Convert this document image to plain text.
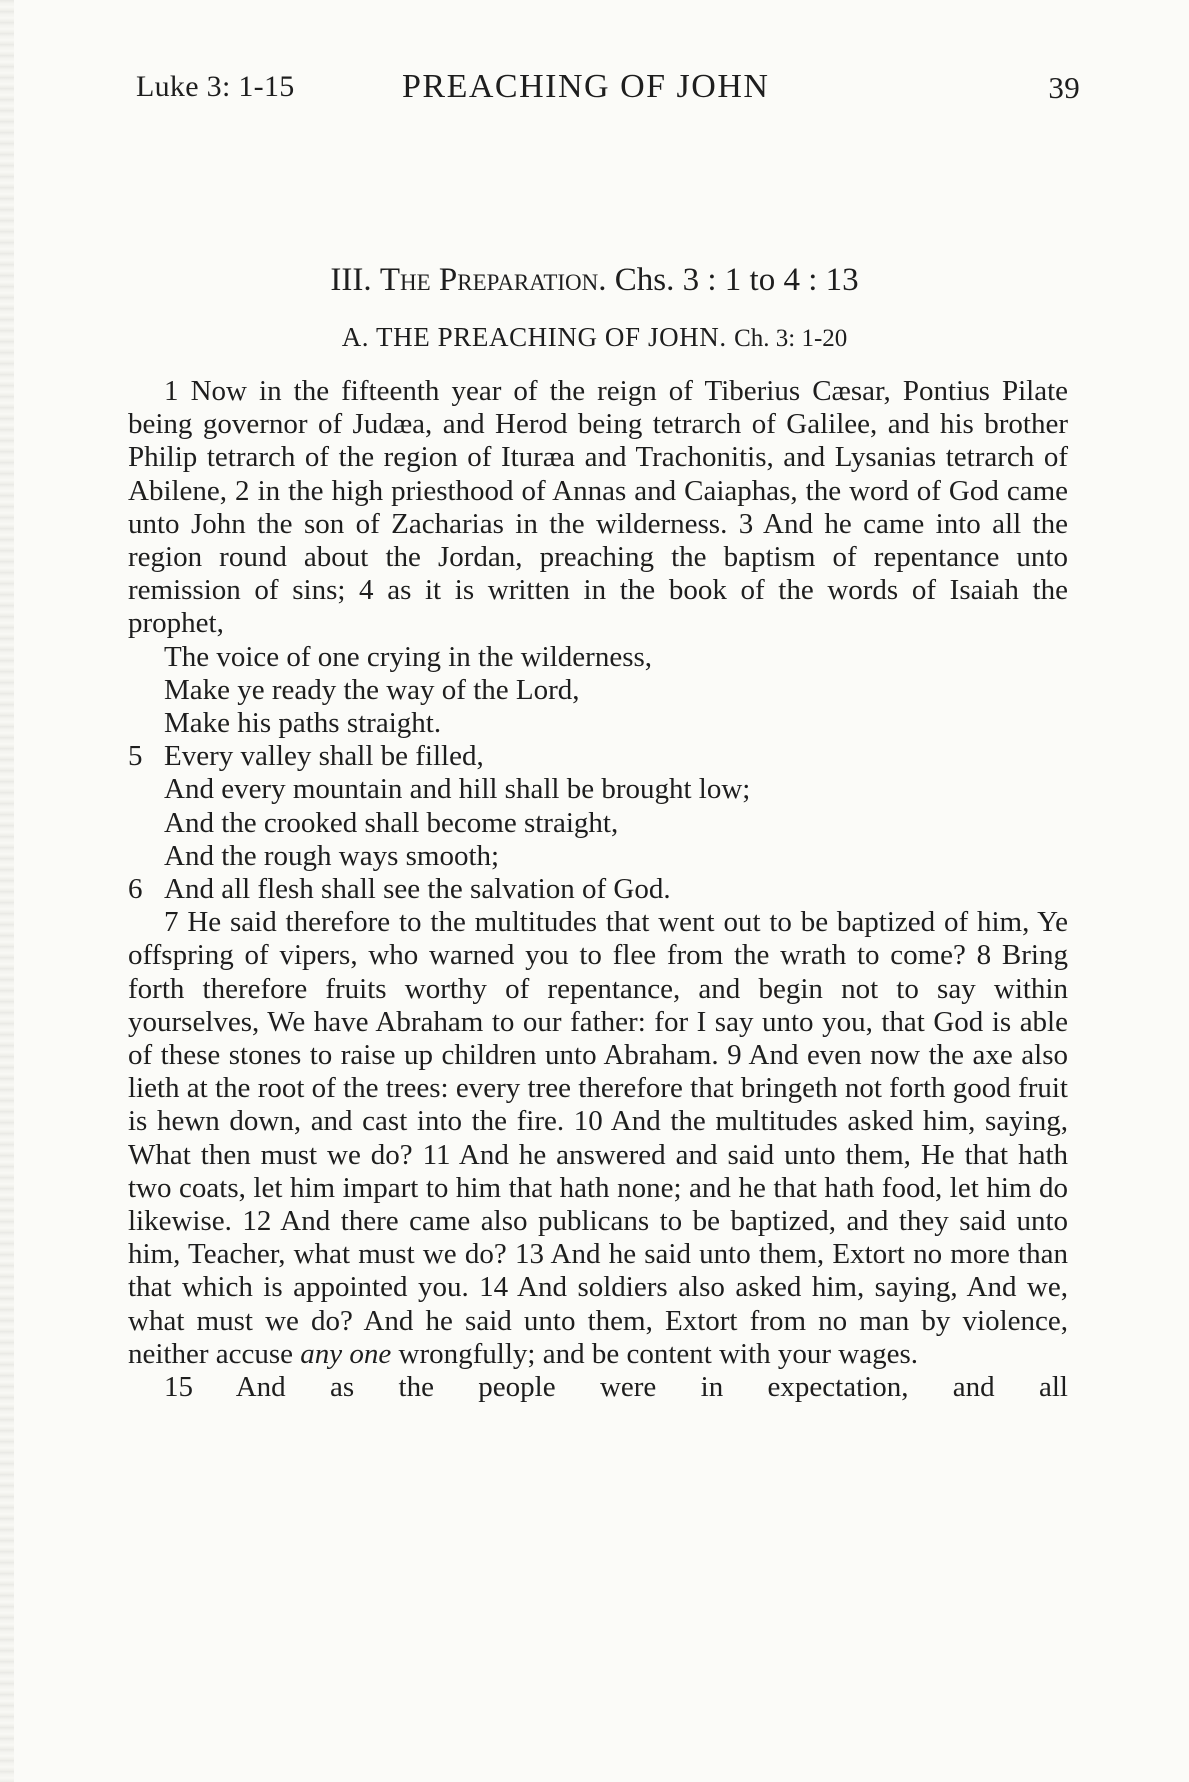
Luke 3: 1-15	PREACHING OF JOHN	39
III. The Preparation. Chs. 3 : 1 to 4 : 13
A. THE PREACHING OF JOHN. Ch. 3: 1-20

1 Now in the fifteenth year of the reign of Tiberius Cæsar, Pontius Pilate being governor of Judæa, and Herod being tetrarch of Galilee, and his brother Philip tetrarch of the region of Ituræa and Trachonitis, and Lysanias tetrarch of Abilene, 2 in the high priesthood of Annas and Caiaphas, the word of God came unto John the son of Zacharias in the wilderness. 3 And he came into all the region round about the Jordan, preaching the baptism of repentance unto remission of sins; 4 as it is written in the book of the words of Isaiah the prophet,

The voice of one crying in the wilderness,
Make ye ready the way of the Lord,
Make his paths straight.
5 Every valley shall be filled,
And every mountain and hill shall be brought low;
And the crooked shall become straight,
And the rough ways smooth;
6 And all flesh shall see the salvation of God.

7 He said therefore to the multitudes that went out to be baptized of him, Ye offspring of vipers, who warned you to flee from the wrath to come? 8 Bring forth therefore fruits worthy of repentance, and begin not to say within yourselves, We have Abraham to our father: for I say unto you, that God is able of these stones to raise up children unto Abraham. 9 And even now the axe also lieth at the root of the trees: every tree therefore that bringeth not forth good fruit is hewn down, and cast into the fire. 10 And the multitudes asked him, saying, What then must we do? 11 And he answered and said unto them, He that hath two coats, let him impart to him that hath none; and he that hath food, let him do likewise. 12 And there came also publicans to be baptized, and they said unto him, Teacher, what must we do? 13 And he said unto them, Extort no more than that which is appointed you. 14 And soldiers also asked him, saying, And we, what must we do? And he said unto them, Extort from no man by violence, neither accuse any one wrongfully; and be content with your wages.

15 And as the people were in expectation, and all
